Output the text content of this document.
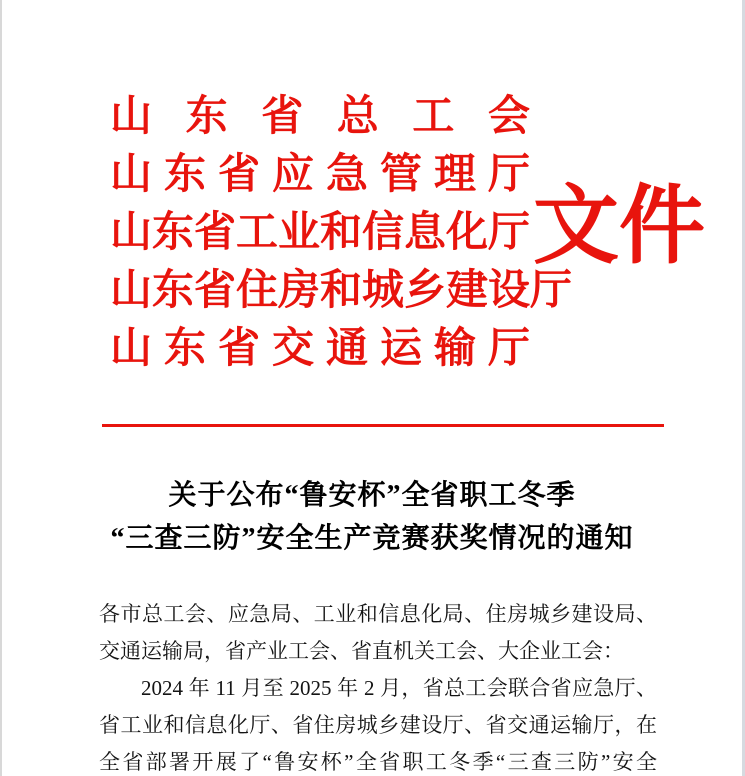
山东省总工会
山东省应急管理厅
山东省工业和信息化厅
山东省住房和城乡建设厅
山东省交通运输厅
文件
关于公布“鲁安杯”全省职工冬季
“三查三防”安全生产竞赛获奖情况的通知
各市总工会、应急局、工业和信息化局、住房城乡建设局、
交通运输局，省产业工会、省直机关工会、大企业工会：
2024 年 11 月至 2025 年 2 月，省总工会联合省应急厅、
省工业和信息化厅、省住房城乡建设厅、省交通运输厅，在
全省部署开展了“鲁安杯”全省职工冬季“三查三防”安全
